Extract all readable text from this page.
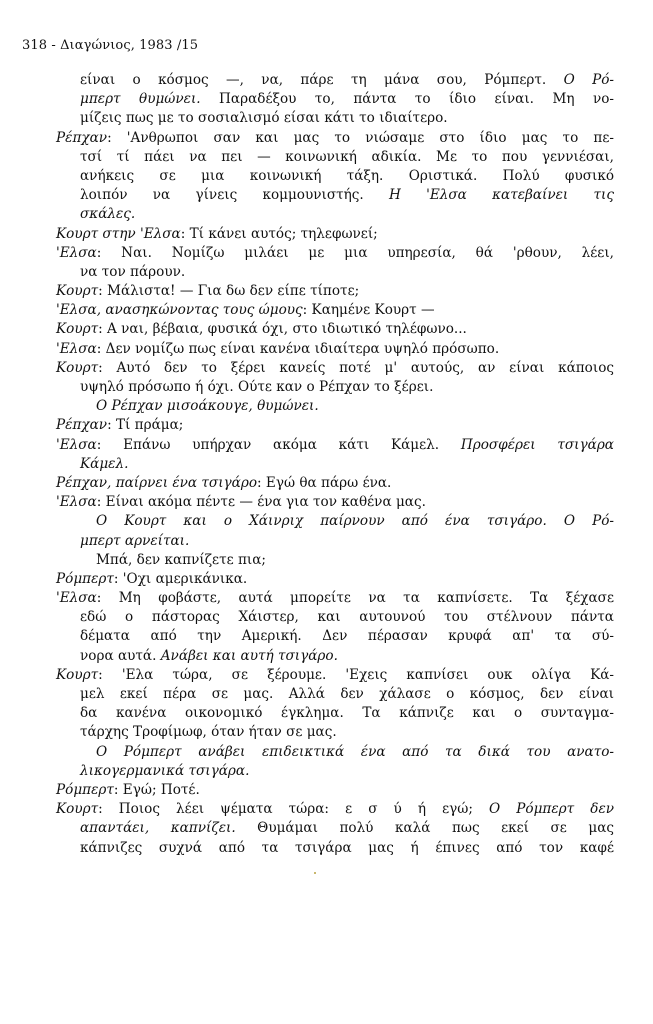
318 - Διαγώνιος, 1983 /15
είναι ο κόσμος —, να, πάρε τη μάνα σου, Ρόμπερτ. Ο Ρό-
μπερτ θυμώνει. Παραδέξου το, πάντα το ίδιο είναι. Μη νο-
μίζεις πως με το σοσιαλισμό είσαι κάτι το ιδιαίτερο.
Ρέπχαν: 'Ανθρωποι σαν και μας το νιώσαμε στο ίδιο μας το πε-
τσί τί πάει να πει — κοινωνική αδικία. Με το που γεννιέσαι,
ανήκεις σε μια κοινωνική τάξη. Οριστικά. Πολύ φυσικό
λοιπόν να γίνεις κομμουνιστής. Η 'Ελσα κατεβαίνει τις
σκάλες.
Κουρτ στην 'Ελσα: Τί κάνει αυτός; τηλεφωνεί;
'Ελσα: Ναι. Νομίζω μιλάει με μια υπηρεσία, θά 'ρθουν, λέει,
να τον πάρουν.
Κουρτ: Μάλιστα! — Για δω δεν είπε τίποτε;
'Ελσα, ανασηκώνοντας τους ώμους: Καημένε Κουρτ —
Κουρτ: Α ναι, βέβαια, φυσικά όχι, στο ιδιωτικό τηλέφωνο...
'Ελσα: Δεν νομίζω πως είναι κανένα ιδιαίτερα υψηλό πρόσωπο.
Κουρτ: Αυτό δεν το ξέρει κανείς ποτέ μ' αυτούς, αν είναι κάποιος
υψηλό πρόσωπο ή όχι. Ούτε καν ο Ρέπχαν το ξέρει.
Ο Ρέπχαν μισοάκουγε, θυμώνει.
Ρέπχαν: Τί πράμα;
'Ελσα: Επάνω υπήρχαν ακόμα κάτι Κάμελ. Προσφέρει τσιγάρα
Κάμελ.
Ρέπχαν, παίρνει ένα τσιγάρο: Εγώ θα πάρω ένα.
'Ελσα: Είναι ακόμα πέντε — ένα για τον καθένα μας.
Ο Κουρτ και ο Χάινριχ παίρνουν από ένα τσιγάρο. Ο Ρό-
μπερτ αρνείται.
Μπά, δεν καπνίζετε πια;
Ρόμπερτ: 'Οχι αμερικάνικα.
'Ελσα: Μη φοβάστε, αυτά μπορείτε να τα καπνίσετε. Τα ξέχασε
εδώ ο πάστορας Χάιστερ, και αυτουνού του στέλνουν πάντα
δέματα από την Αμερική. Δεν πέρασαν κρυφά απ' τα σύ-
νορα αυτά. Ανάβει και αυτή τσιγάρο.
Κουρτ: 'Ελα τώρα, σε ξέρουμε. 'Εχεις καπνίσει ουκ ολίγα Κά-
μελ εκεί πέρα σε μας. Αλλά δεν χάλασε ο κόσμος, δεν είναι
δα κανένα οικονομικό έγκλημα. Τα κάπνιζε και ο συνταγμα-
τάρχης Τροφίμωφ, όταν ήταν σε μας.
Ο Ρόμπερτ ανάβει επιδεικτικά ένα από τα δικά του ανατο-
λικογερμανικά τσιγάρα.
Ρόμπερτ: Εγώ; Ποτέ.
Κουρτ: Ποιος λέει ψέματα τώρα: ε σ ύ ή εγώ; Ο Ρόμπερτ δεν
απαντάει, καπνίζει. Θυμάμαι πολύ καλά πως εκεί σε μας
κάπνιζες συχνά από τα τσιγάρα μας ή έπινες από τον καφέ
